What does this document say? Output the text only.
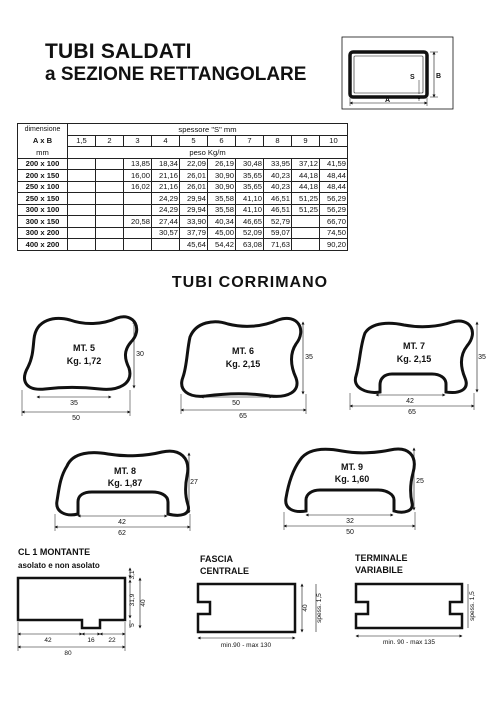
TUBI SALDATI
a SEZIONE RETTANGOLARE
dimensione	spessore "S" mm									
A x B	1,5	2	3	4	5	6	7	8	9	10
mm	peso Kg/m									
200 x 100			13,85	18,34	22,09	26,19	30,48	33,95	37,12	41,59
200 x 150			16,00	21,16	26,01	30,90	35,65	40,23	44,18	48,44
250 x 100			16,02	21,16	26,01	30,90	35,65	40,23	44,18	48,44
250 x 150				24,29	29,94	35,58	41,10	46,51	51,25	56,29
300 x 100				24,29	29,94	35,58	41,10	46,51	51,25	56,29
300 x 150			20,58	27,44	33,90	40,34	46,65	52,79		66,70
300 x 200				30,57	37,79	45,00	52,09	59,07		74,50
400 x 200					45,64	54,42	63,08	71,63		90,20
TUBI CORRIMANO
S	B
A
MT. 5
Kg. 1,72
MT. 6
Kg. 2,15
MT. 7
Kg. 2,15
MT. 8
Kg. 1,87
MT. 9
Kg. 1,60
35
50
30
50
65
35
42
65
35
42
62
27
32
50
25
CL 1 MONTANTE
asolato e non asolato
FASCIA
CENTRALE
TERMINALE
VARIABILE
3,1
31,9 40
5
42	16 22
80
40 spess. 1,5
min.90 - max 130
spess. 1,5
min. 90 - max 135
